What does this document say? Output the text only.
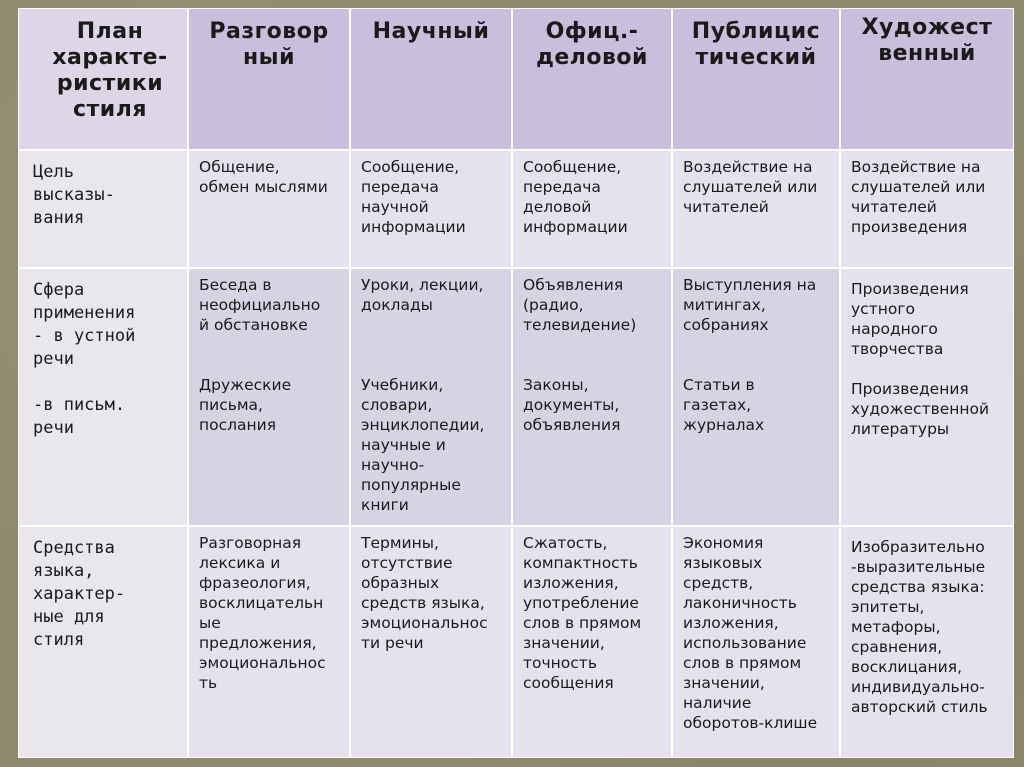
План
характе-
ристики
стиля
Разговор
ный
Научный	Офиц.-
деловой
Публицис
тический
Художест
венный
Цель
высказы-
вания
Общение,
обмен мыслями
Сообщение,
передача
научной
информации
Сообщение,
передача
деловой
информации
Воздействие на
слушателей или
читателей
Воздействие на
слушателей или
читателей
произведения
Сфера
применения
- в устной
речи

-в письм.
речи
Беседа в
неофициально
й обстановке

Дружеские
письма,
послания
Уроки, лекции,
доклады

Учебники,
словари,
энциклопедии,
научные и
научно-
популярные
книги
Объявления
(радио,
телевидение)

Законы,
документы,
объявления
Выступления на
митингах,
собраниях

Статьи в
газетах,
журналах
Произведения
устного
народного
творчества

Произведения
художественной
литературы
Средства
языка,
характер-
ные для
стиля
Разговорная
лексика и
фразеология,
восклицательн
ые
предложения,
эмоциональнос
ть
Термины,
отсутствие
образных
средств языка,
эмоциональнос
ти речи
Сжатость,
компактность
изложения,
употребление
слов в прямом
значении,
точность
сообщения
Экономия
языковых
средств,
лаконичность
изложения,
использование
слов в прямом
значении,
наличие
оборотов-клише
Изобразительно
-выразительные
средства языка:
эпитеты,
метафоры,
сравнения,
восклицания,
индивидуально-
авторский стиль
